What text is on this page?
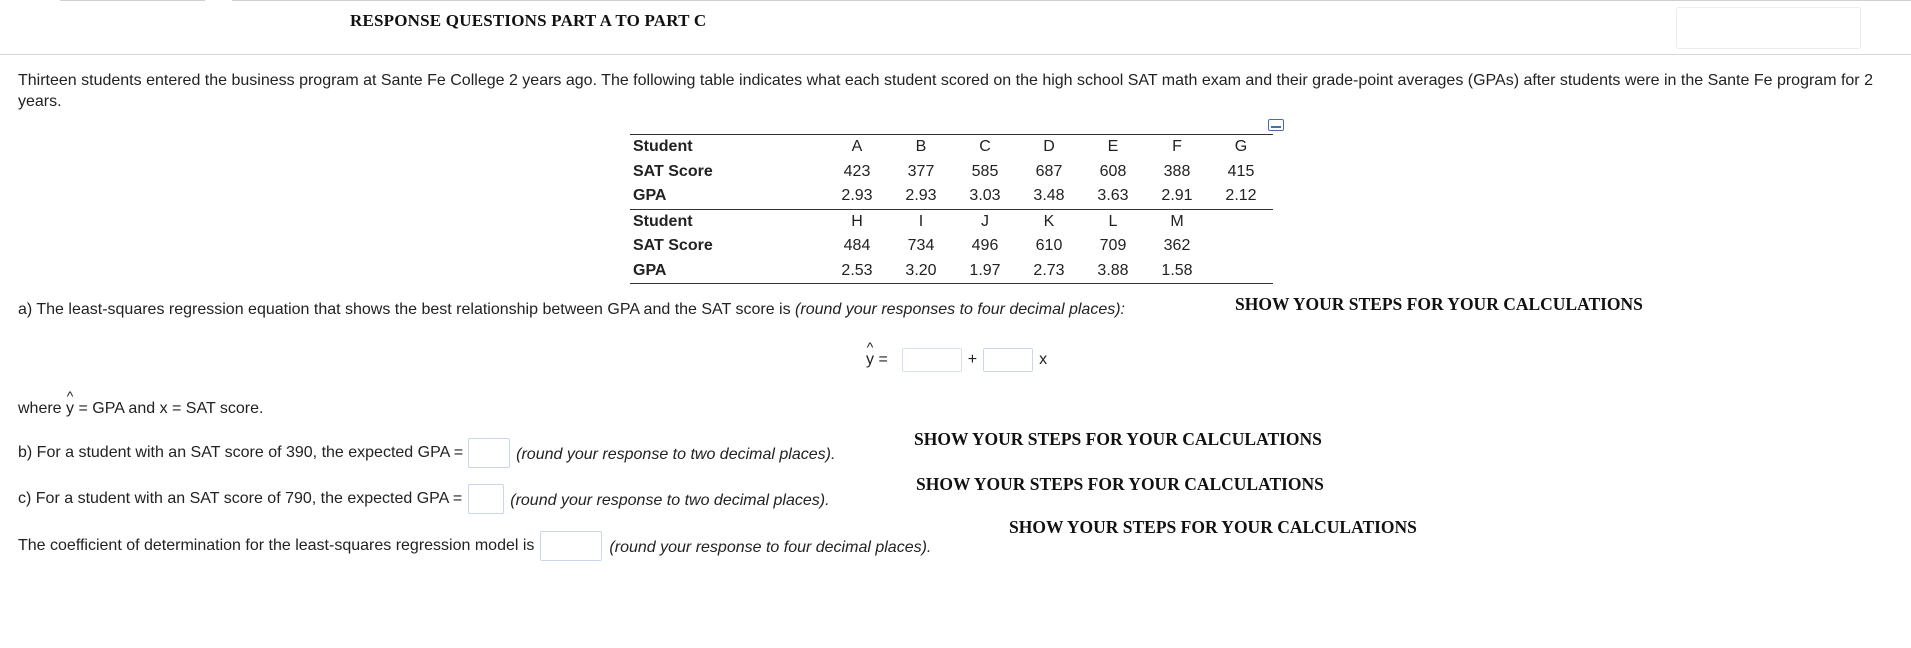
RESPONSE QUESTIONS PART A TO PART C
Thirteen students entered the business program at Sante Fe College 2 years ago. The following table indicates what each student scored on the high school SAT math exam and their grade-point averages (GPAs) after students were in the Sante Fe program for 2 years.
Student	A	B	C	D	E	F	G
SAT Score	423	377	585	687	608	388	415
GPA	2.93	2.93	3.03	3.48	3.63	2.91	2.12
Student	H	I	J	K	L	M	
SAT Score	484	734	496	610	709	362	
GPA	2.53	3.20	1.97	2.73	3.88	1.58	
a) The least-squares regression equation that shows the best relationship between GPA and the SAT score is (round your responses to four decimal places):	SHOW YOUR STEPS FOR YOUR CALCULATIONS
^ y =	+	x
where ^ y = GPA and x = SAT score.
b) For a student with an SAT score of 390, the expected GPA =	(round your response to two decimal places).
SHOW YOUR STEPS FOR YOUR CALCULATIONS
c) For a student with an SAT score of 790, the expected GPA =	(round your response to two decimal places).
SHOW YOUR STEPS FOR YOUR CALCULATIONS
The coefficient of determination for the least-squares regression model is	(round your response to four decimal places).
SHOW YOUR STEPS FOR YOUR CALCULATIONS
